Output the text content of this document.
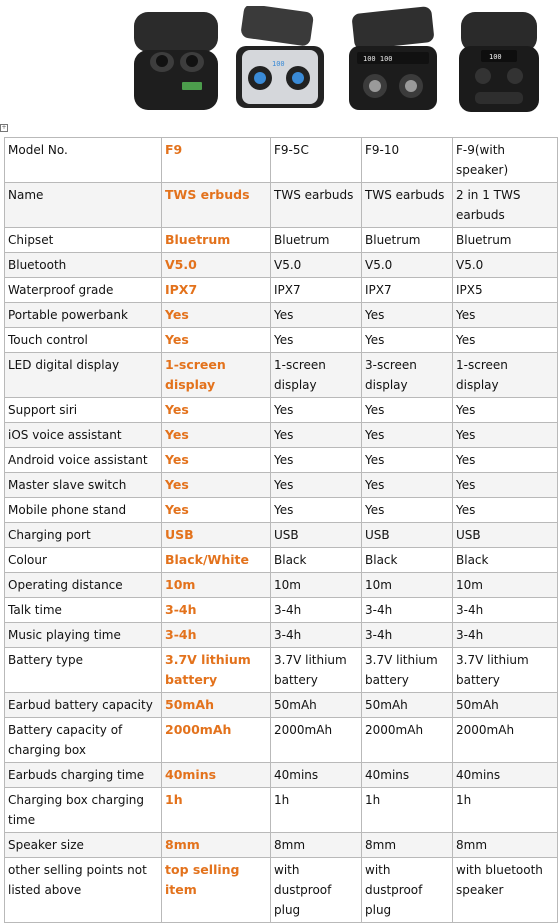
100
100 100	100
+
Model No.	F9	F9-5C	F9-10	F-9(with speaker)
Name	TWS erbuds	TWS earbuds	TWS earbuds	2 in 1 TWS earbuds
Chipset	Bluetrum	Bluetrum	Bluetrum	Bluetrum
Bluetooth	V5.0	V5.0	V5.0	V5.0
Waterproof grade	IPX7	IPX7	IPX7	IPX5
Portable powerbank	Yes	Yes	Yes	Yes
Touch control	Yes	Yes	Yes	Yes
LED digital display	1-screen display	1-screen display	3-screen display	1-screen display
Support siri	Yes	Yes	Yes	Yes
iOS voice assistant	Yes	Yes	Yes	Yes
Android voice assistant	Yes	Yes	Yes	Yes
Master slave switch	Yes	Yes	Yes	Yes
Mobile phone stand	Yes	Yes	Yes	Yes
Charging port	USB	USB	USB	USB
Colour	Black/White	Black	Black	Black
Operating distance	10m	10m	10m	10m
Talk time	3-4h	3-4h	3-4h	3-4h
Music playing time	3-4h	3-4h	3-4h	3-4h
Battery type	3.7V lithium battery	3.7V lithium battery	3.7V lithium battery	3.7V lithium battery
Earbud battery capacity	50mAh	50mAh	50mAh	50mAh
Battery capacity of charging box	2000mAh	2000mAh	2000mAh	2000mAh
Earbuds charging time	40mins	40mins	40mins	40mins
Charging box charging time	1h	1h	1h	1h
Speaker size	8mm	8mm	8mm	8mm
other selling points not listed above	top selling item	with dustproof plug	with dustproof plug	with bluetooth speaker
